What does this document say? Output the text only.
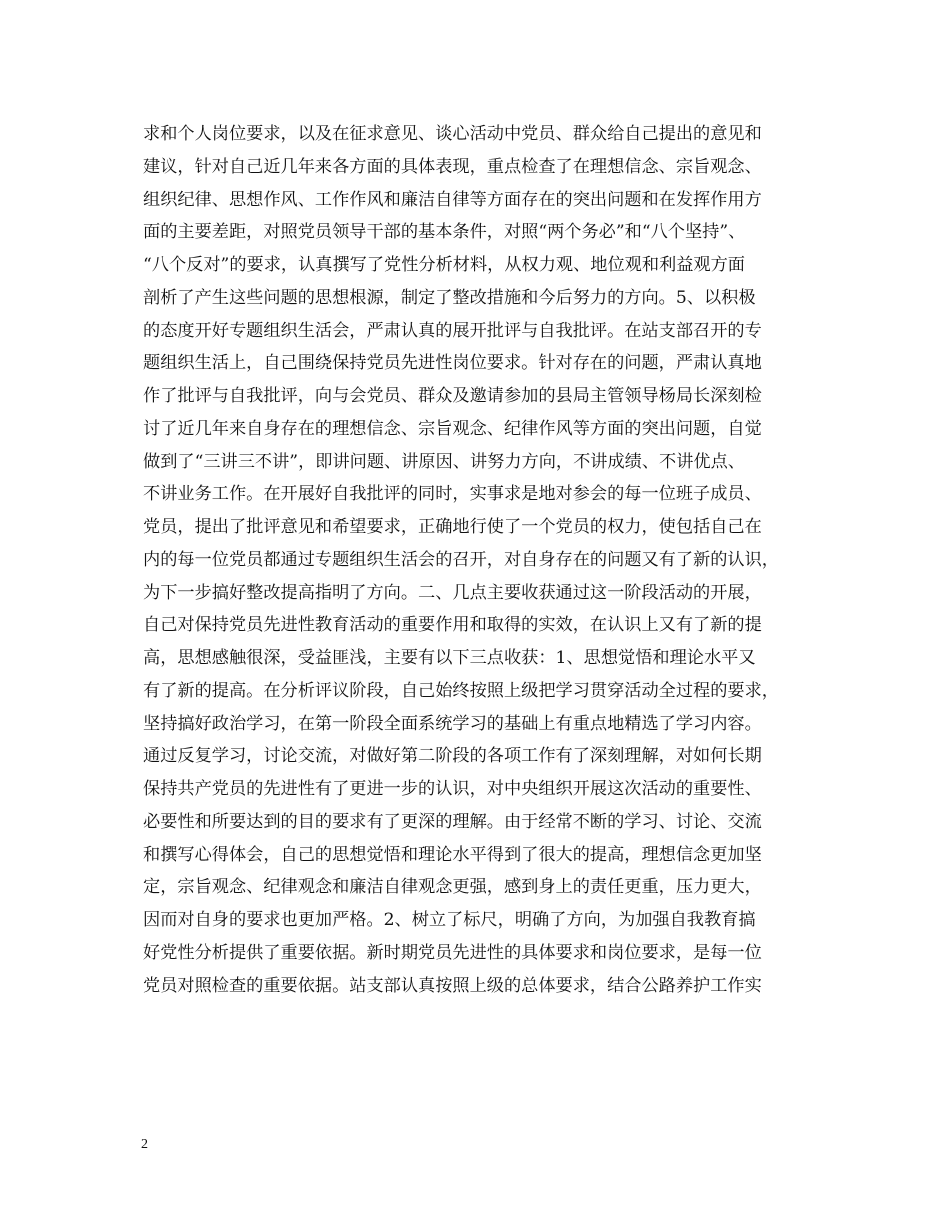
求和个人岗位要求，以及在征求意见、谈心活动中党员、群众给自己提出的意见和
建议，针对自己近几年来各方面的具体表现，重点检查了在理想信念、宗旨观念、
组织纪律、思想作风、工作作风和廉洁自律等方面存在的突出问题和在发挥作用方
面的主要差距，对照党员领导干部的基本条件，对照“两个务必”和“八个坚持”、
“八个反对”的要求，认真撰写了党性分析材料，从权力观、地位观和利益观方面
剖析了产生这些问题的思想根源，制定了整改措施和今后努力的方向。5、以积极
的态度开好专题组织生活会，严肃认真的展开批评与自我批评。在站支部召开的专
题组织生活上，自己围绕保持党员先进性岗位要求。针对存在的问题，严肃认真地
作了批评与自我批评，向与会党员、群众及邀请参加的县局主管领导杨局长深刻检
讨了近几年来自身存在的理想信念、宗旨观念、纪律作风等方面的突出问题，自觉
做到了“三讲三不讲”，即讲问题、讲原因、讲努力方向，不讲成绩、不讲优点、
不讲业务工作。在开展好自我批评的同时，实事求是地对参会的每一位班子成员、
党员，提出了批评意见和希望要求，正确地行使了一个党员的权力，使包括自己在
内的每一位党员都通过专题组织生活会的召开，对自身存在的问题又有了新的认识，
为下一步搞好整改提高指明了方向。二、几点主要收获通过这一阶段活动的开展，
自己对保持党员先进性教育活动的重要作用和取得的实效，在认识上又有了新的提
高，思想感触很深，受益匪浅，主要有以下三点收获：1、思想觉悟和理论水平又
有了新的提高。在分析评议阶段，自己始终按照上级把学习贯穿活动全过程的要求，
坚持搞好政治学习，在第一阶段全面系统学习的基础上有重点地精选了学习内容。
通过反复学习，讨论交流，对做好第二阶段的各项工作有了深刻理解，对如何长期
保持共产党员的先进性有了更进一步的认识，对中央组织开展这次活动的重要性、
必要性和所要达到的目的要求有了更深的理解。由于经常不断的学习、讨论、交流
和撰写心得体会，自己的思想觉悟和理论水平得到了很大的提高，理想信念更加坚
定，宗旨观念、纪律观念和廉洁自律观念更强，感到身上的责任更重，压力更大，
因而对自身的要求也更加严格。2、树立了标尺，明确了方向，为加强自我教育搞
好党性分析提供了重要依据。新时期党员先进性的具体要求和岗位要求，是每一位
党员对照检查的重要依据。站支部认真按照上级的总体要求，结合公路养护工作实
2
